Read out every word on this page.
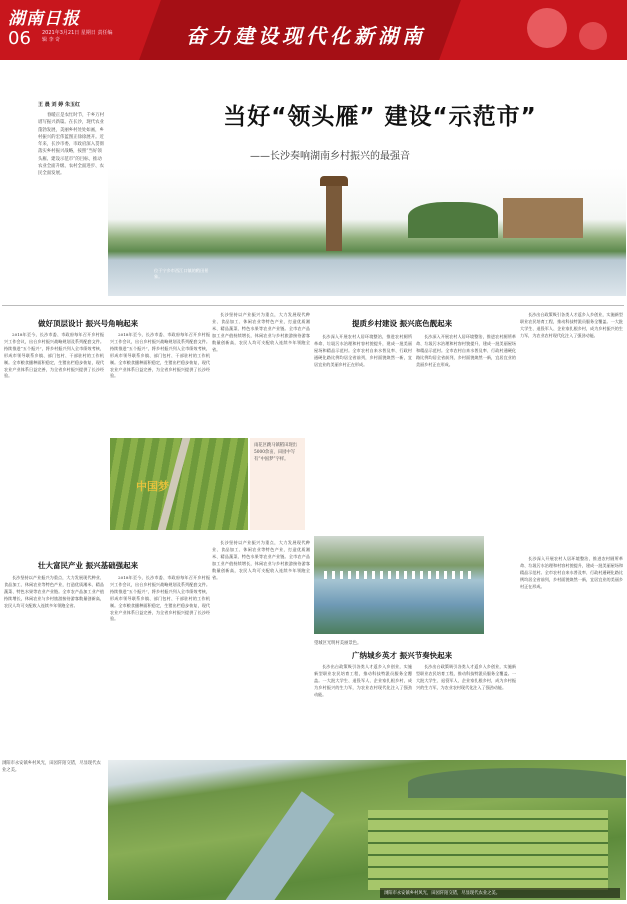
湖南日报
06 2021年3月21日 星期日 责任编辑 李 奇	奋力建设现代化新湖南
王 晨 刘 婷 朱玉红
春暖正是农忙时节，千乡万村谱写振兴新篇。在长沙，现代农业蓬勃发展，美丽乡村处处如画，乡村振兴的宏伟蓝图正徐徐展开。近年来，长沙市委、市政府深入贯彻落实乡村振兴战略，按照“当好领头雁、建设示范市”的目标，推动农业全面升级、农村全面进步、农民全面发展。
当好“领头雁” 建设“示范市”
——长沙奏响湖南乡村振兴的最强音
位于宁乡市西江口镇的稻田景象。
做好顶层设计 振兴号角响起来
2018年至今，长沙市委、市政府每年召开乡村振兴工作会议，出台乡村振兴战略规划及系列配套文件。持续推进“五个振兴”，将乡村振兴列入全市绩效考核，形成市领导联系乡镇、部门包村、干部驻村的工作机制。全市粮食播种面积稳定，生猪出栏稳步恢复，现代农业产业体系日益完善，为全省乡村振兴提供了长沙经验。
2018年至今，长沙市委、市政府每年召开乡村振兴工作会议，出台乡村振兴战略规划及系列配套文件。持续推进“五个振兴”，将乡村振兴列入全市绩效考核，形成市领导联系乡镇、部门包村、干部驻村的工作机制。全市粮食播种面积稳定，生猪出栏稳步恢复，现代农业产业体系日益完善，为全省乡村振兴提供了长沙经验。
长沙坚持以产业振兴为重点，大力发展现代种业、食品加工、休闲农业等特色产业，打造优质湘米、精品蔬菜、特色水果等农业产业链。全市农产品加工业产值持续增长，休闲农业与乡村旅游接待游客数量创新高，农民人均可支配收入连续多年领跑全省。
中国梦
雨花区跳马镇稻田现出5000余亩，田园中写有“中国梦”字样。
壮大富民产业 振兴基础强起来
长沙坚持以产业振兴为重点，大力发展现代种业、食品加工、休闲农业等特色产业，打造优质湘米、精品蔬菜、特色水果等农业产业链。全市农产品加工业产值持续增长，休闲农业与乡村旅游接待游客数量创新高，农民人均可支配收入连续多年领跑全省。
2018年至今，长沙市委、市政府每年召开乡村振兴工作会议，出台乡村振兴战略规划及系列配套文件。持续推进“五个振兴”，将乡村振兴列入全市绩效考核，形成市领导联系乡镇、部门包村、干部驻村的工作机制。全市粮食播种面积稳定，生猪出栏稳步恢复，现代农业产业体系日益完善，为全省乡村振兴提供了长沙经验。
长沙坚持以产业振兴为重点，大力发展现代种业、食品加工、休闲农业等特色产业，打造优质湘米、精品蔬菜、特色水果等农业产业链。全市农产品加工业产值持续增长，休闲农业与乡村旅游接待游客数量创新高，农民人均可支配收入连续多年领跑全省。
提质乡村建设 振兴底色靓起来
长沙深入开展农村人居环境整治，推进农村厕所革命、垃圾污水治理和村容村貌提升，建成一批美丽屋场和精品示范村。全市农村自来水普及率、行政村通硬化路比例均居全省前列，乡村面貌焕然一新，宜居宜业的美丽乡村正在形成。
长沙深入开展农村人居环境整治，推进农村厕所革命、垃圾污水治理和村容村貌提升，建成一批美丽屋场和精品示范村。全市农村自来水普及率、行政村通硬化路比例均居全省前列，乡村面貌焕然一新，宜居宜业的美丽乡村正在形成。
长沙出台政策吸引各类人才返乡入乡创业，实施新型职业农民培育工程，推动科技特派员服务全覆盖。一大批大学生、退役军人、企业家扎根乡村，成为乡村振兴的生力军，为农业农村现代化注入了强劲动能。
望城区光明村美丽景色。
广纳城乡英才 振兴节奏快起来
长沙出台政策吸引各类人才返乡入乡创业，实施新型职业农民培育工程，推动科技特派员服务全覆盖。一大批大学生、退役军人、企业家扎根乡村，成为乡村振兴的生力军，为农业农村现代化注入了强劲动能。
长沙出台政策吸引各类人才返乡入乡创业，实施新型职业农民培育工程，推动科技特派员服务全覆盖。一大批大学生、退役军人、企业家扎根乡村，成为乡村振兴的生力军，为农业农村现代化注入了强劲动能。
长沙深入开展农村人居环境整治，推进农村厕所革命、垃圾污水治理和村容村貌提升，建成一批美丽屋场和精品示范村。全市农村自来水普及率、行政村通硬化路比例均居全省前列，乡村面貌焕然一新，宜居宜业的美丽乡村正在形成。
浏阳市永安镇乡村风光，田园阡陌交错，尽显现代农业之美。
浏阳市永安镇乡村风光，田园阡陌交错，尽显现代农业之美。
